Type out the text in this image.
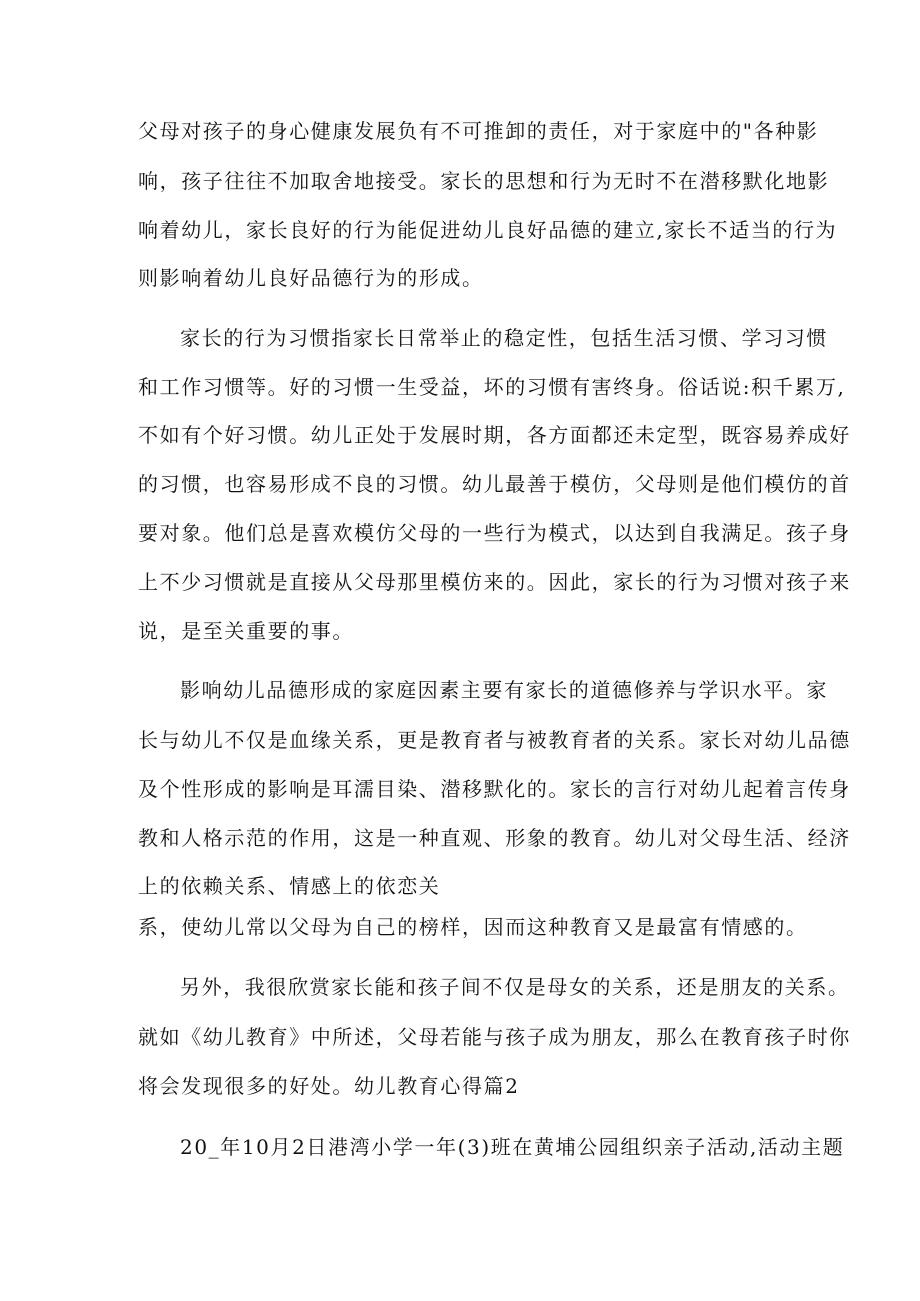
父母对孩子的身心健康发展负有不可推卸的责任，对于家庭中的"各种影
响，孩子往往不加取舍地接受。家长的思想和行为无时不在潜移默化地影
响着幼儿，家长良好的行为能促进幼儿良好品德的建立,家长不适当的行为
则影响着幼儿良好品德行为的形成。
家长的行为习惯指家长日常举止的稳定性，包括生活习惯、学习习惯
和工作习惯等。好的习惯一生受益，坏的习惯有害终身。俗话说:积千累万,
不如有个好习惯。幼儿正处于发展时期，各方面都还未定型，既容易养成好
的习惯，也容易形成不良的习惯。幼儿最善于模仿，父母则是他们模仿的首
要对象。他们总是喜欢模仿父母的一些行为模式，以达到自我满足。孩子身
上不少习惯就是直接从父母那里模仿来的。因此，家长的行为习惯对孩子来
说，是至关重要的事。
影响幼儿品德形成的家庭因素主要有家长的道德修养与学识水平。家
长与幼儿不仅是血缘关系，更是教育者与被教育者的关系。家长对幼儿品德
及个性形成的影响是耳濡目染、潜移默化的。家长的言行对幼儿起着言传身
教和人格示范的作用，这是一种直观、形象的教育。幼儿对父母生活、经济
上的依赖关系、情感上的依恋关
系，使幼儿常以父母为自己的榜样，因而这种教育又是最富有情感的。
另外，我很欣赏家长能和孩子间不仅是母女的关系，还是朋友的关系。
就如《幼儿教育》中所述，父母若能与孩子成为朋友，那么在教育孩子时你
将会发现很多的好处。幼儿教育心得篇2
20_年10月2日港湾小学一年(3)班在黄埔公园组织亲子活动,活动主题
